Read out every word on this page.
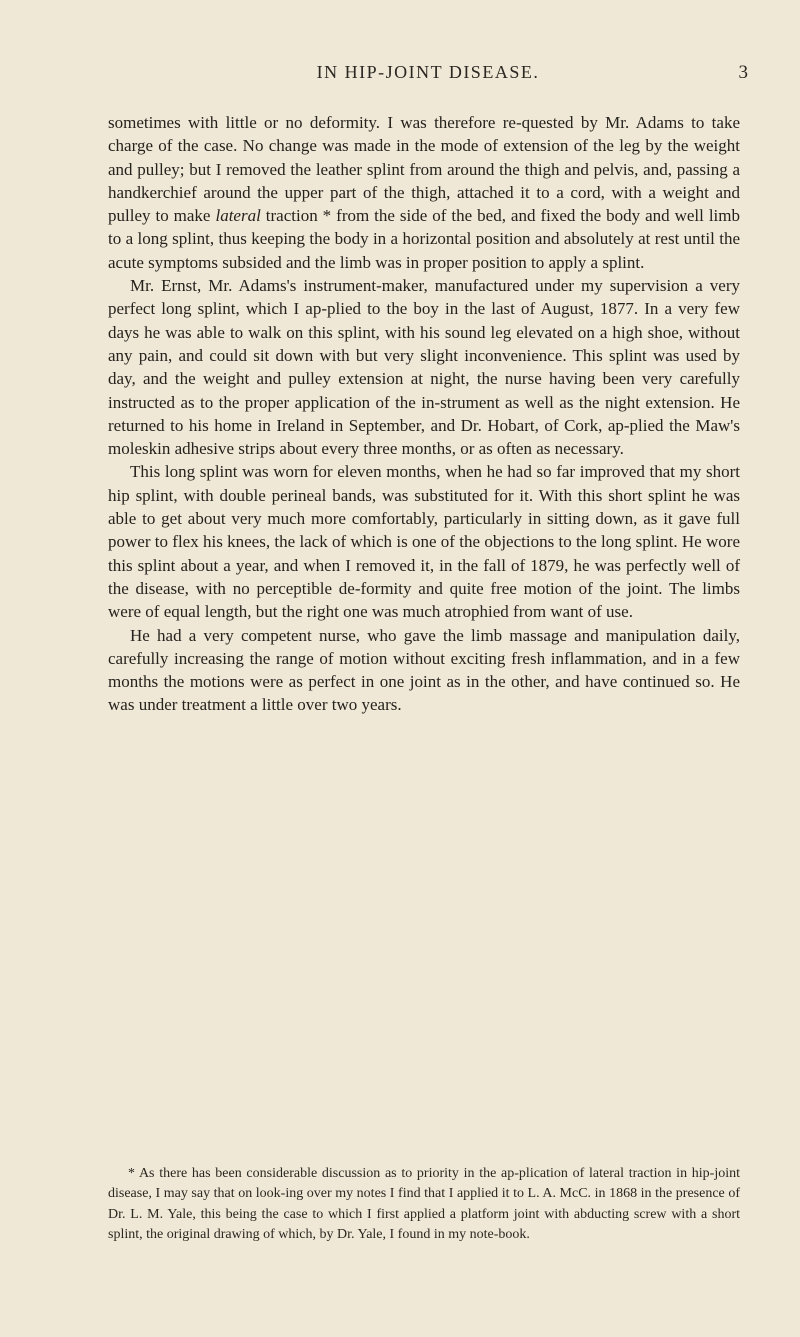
IN HIP-JOINT DISEASE.	3

sometimes with little or no deformity. I was therefore re-quested by Mr. Adams to take charge of the case. No change was made in the mode of extension of the leg by the weight and pulley; but I removed the leather splint from around the thigh and pelvis, and, passing a handkerchief around the upper part of the thigh, attached it to a cord, with a weight and pulley to make lateral traction * from the side of the bed, and fixed the body and well limb to a long splint, thus keeping the body in a horizontal position and absolutely at rest until the acute symptoms subsided and the limb was in proper position to apply a splint.

Mr. Ernst, Mr. Adams's instrument-maker, manufactured under my supervision a very perfect long splint, which I ap-plied to the boy in the last of August, 1877. In a very few days he was able to walk on this splint, with his sound leg elevated on a high shoe, without any pain, and could sit down with but very slight inconvenience. This splint was used by day, and the weight and pulley extension at night, the nurse having been very carefully instructed as to the proper application of the in-strument as well as the night extension. He returned to his home in Ireland in September, and Dr. Hobart, of Cork, ap-plied the Maw's moleskin adhesive strips about every three months, or as often as necessary.

This long splint was worn for eleven months, when he had so far improved that my short hip splint, with double perineal bands, was substituted for it. With this short splint he was able to get about very much more comfortably, particularly in sitting down, as it gave full power to flex his knees, the lack of which is one of the objections to the long splint. He wore this splint about a year, and when I removed it, in the fall of 1879, he was perfectly well of the disease, with no perceptible de-formity and quite free motion of the joint. The limbs were of equal length, but the right one was much atrophied from want of use.

He had a very competent nurse, who gave the limb massage and manipulation daily, carefully increasing the range of motion without exciting fresh inflammation, and in a few months the motions were as perfect in one joint as in the other, and have continued so. He was under treatment a little over two years.

* As there has been considerable discussion as to priority in the ap-plication of lateral traction in hip-joint disease, I may say that on look-ing over my notes I find that I applied it to L. A. McC. in 1868 in the presence of Dr. L. M. Yale, this being the case to which I first applied a platform joint with abducting screw with a short splint, the original drawing of which, by Dr. Yale, I found in my note-book.
